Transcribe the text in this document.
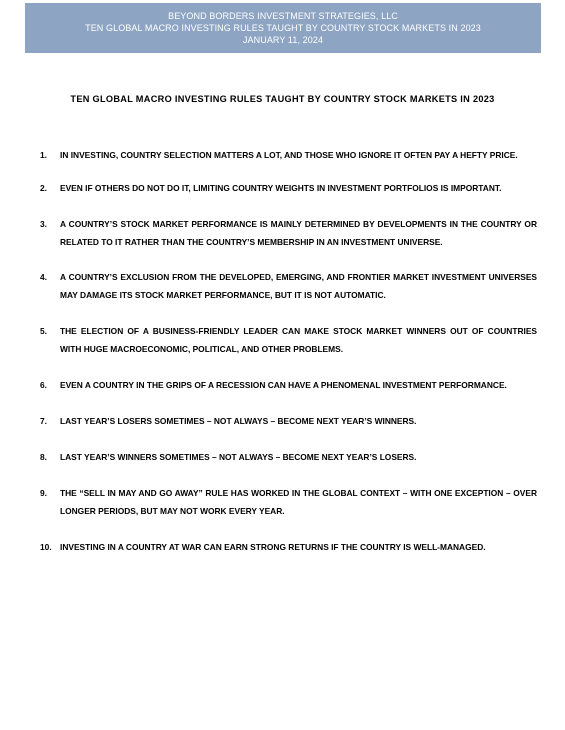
BEYOND BORDERS INVESTMENT STRATEGIES, LLC
TEN GLOBAL MACRO INVESTING RULES TAUGHT BY COUNTRY STOCK MARKETS IN 2023
JANUARY 11, 2024
TEN GLOBAL MACRO INVESTING RULES TAUGHT BY COUNTRY STOCK MARKETS IN 2023
1.	IN INVESTING, COUNTRY SELECTION MATTERS A LOT, AND THOSE WHO IGNORE IT OFTEN PAY A HEFTY PRICE.
2.	EVEN IF OTHERS DO NOT DO IT, LIMITING COUNTRY WEIGHTS IN INVESTMENT PORTFOLIOS IS IMPORTANT.
3.	A COUNTRY’S STOCK MARKET PERFORMANCE IS MAINLY DETERMINED BY DEVELOPMENTS IN THE COUNTRY OR RELATED TO IT RATHER THAN THE COUNTRY’S MEMBERSHIP IN AN INVESTMENT UNIVERSE.
4.	A COUNTRY’S EXCLUSION FROM THE DEVELOPED, EMERGING, AND FRONTIER MARKET INVESTMENT UNIVERSES MAY DAMAGE ITS STOCK MARKET PERFORMANCE, BUT IT IS NOT AUTOMATIC.
5.	THE ELECTION OF A BUSINESS-FRIENDLY LEADER CAN MAKE STOCK MARKET WINNERS OUT OF COUNTRIES WITH HUGE MACROECONOMIC, POLITICAL, AND OTHER PROBLEMS.
6.	EVEN A COUNTRY IN THE GRIPS OF A RECESSION CAN HAVE A PHENOMENAL INVESTMENT PERFORMANCE.
7.	LAST YEAR’S LOSERS SOMETIMES – NOT ALWAYS – BECOME NEXT YEAR’S WINNERS.
8.	LAST YEAR’S WINNERS SOMETIMES – NOT ALWAYS – BECOME NEXT YEAR’S LOSERS.
9.	THE “SELL IN MAY AND GO AWAY” RULE HAS WORKED IN THE GLOBAL CONTEXT – WITH ONE EXCEPTION – OVER LONGER PERIODS, BUT MAY NOT WORK EVERY YEAR.
10. INVESTING IN A COUNTRY AT WAR CAN EARN STRONG RETURNS IF THE COUNTRY IS WELL-MANAGED.
